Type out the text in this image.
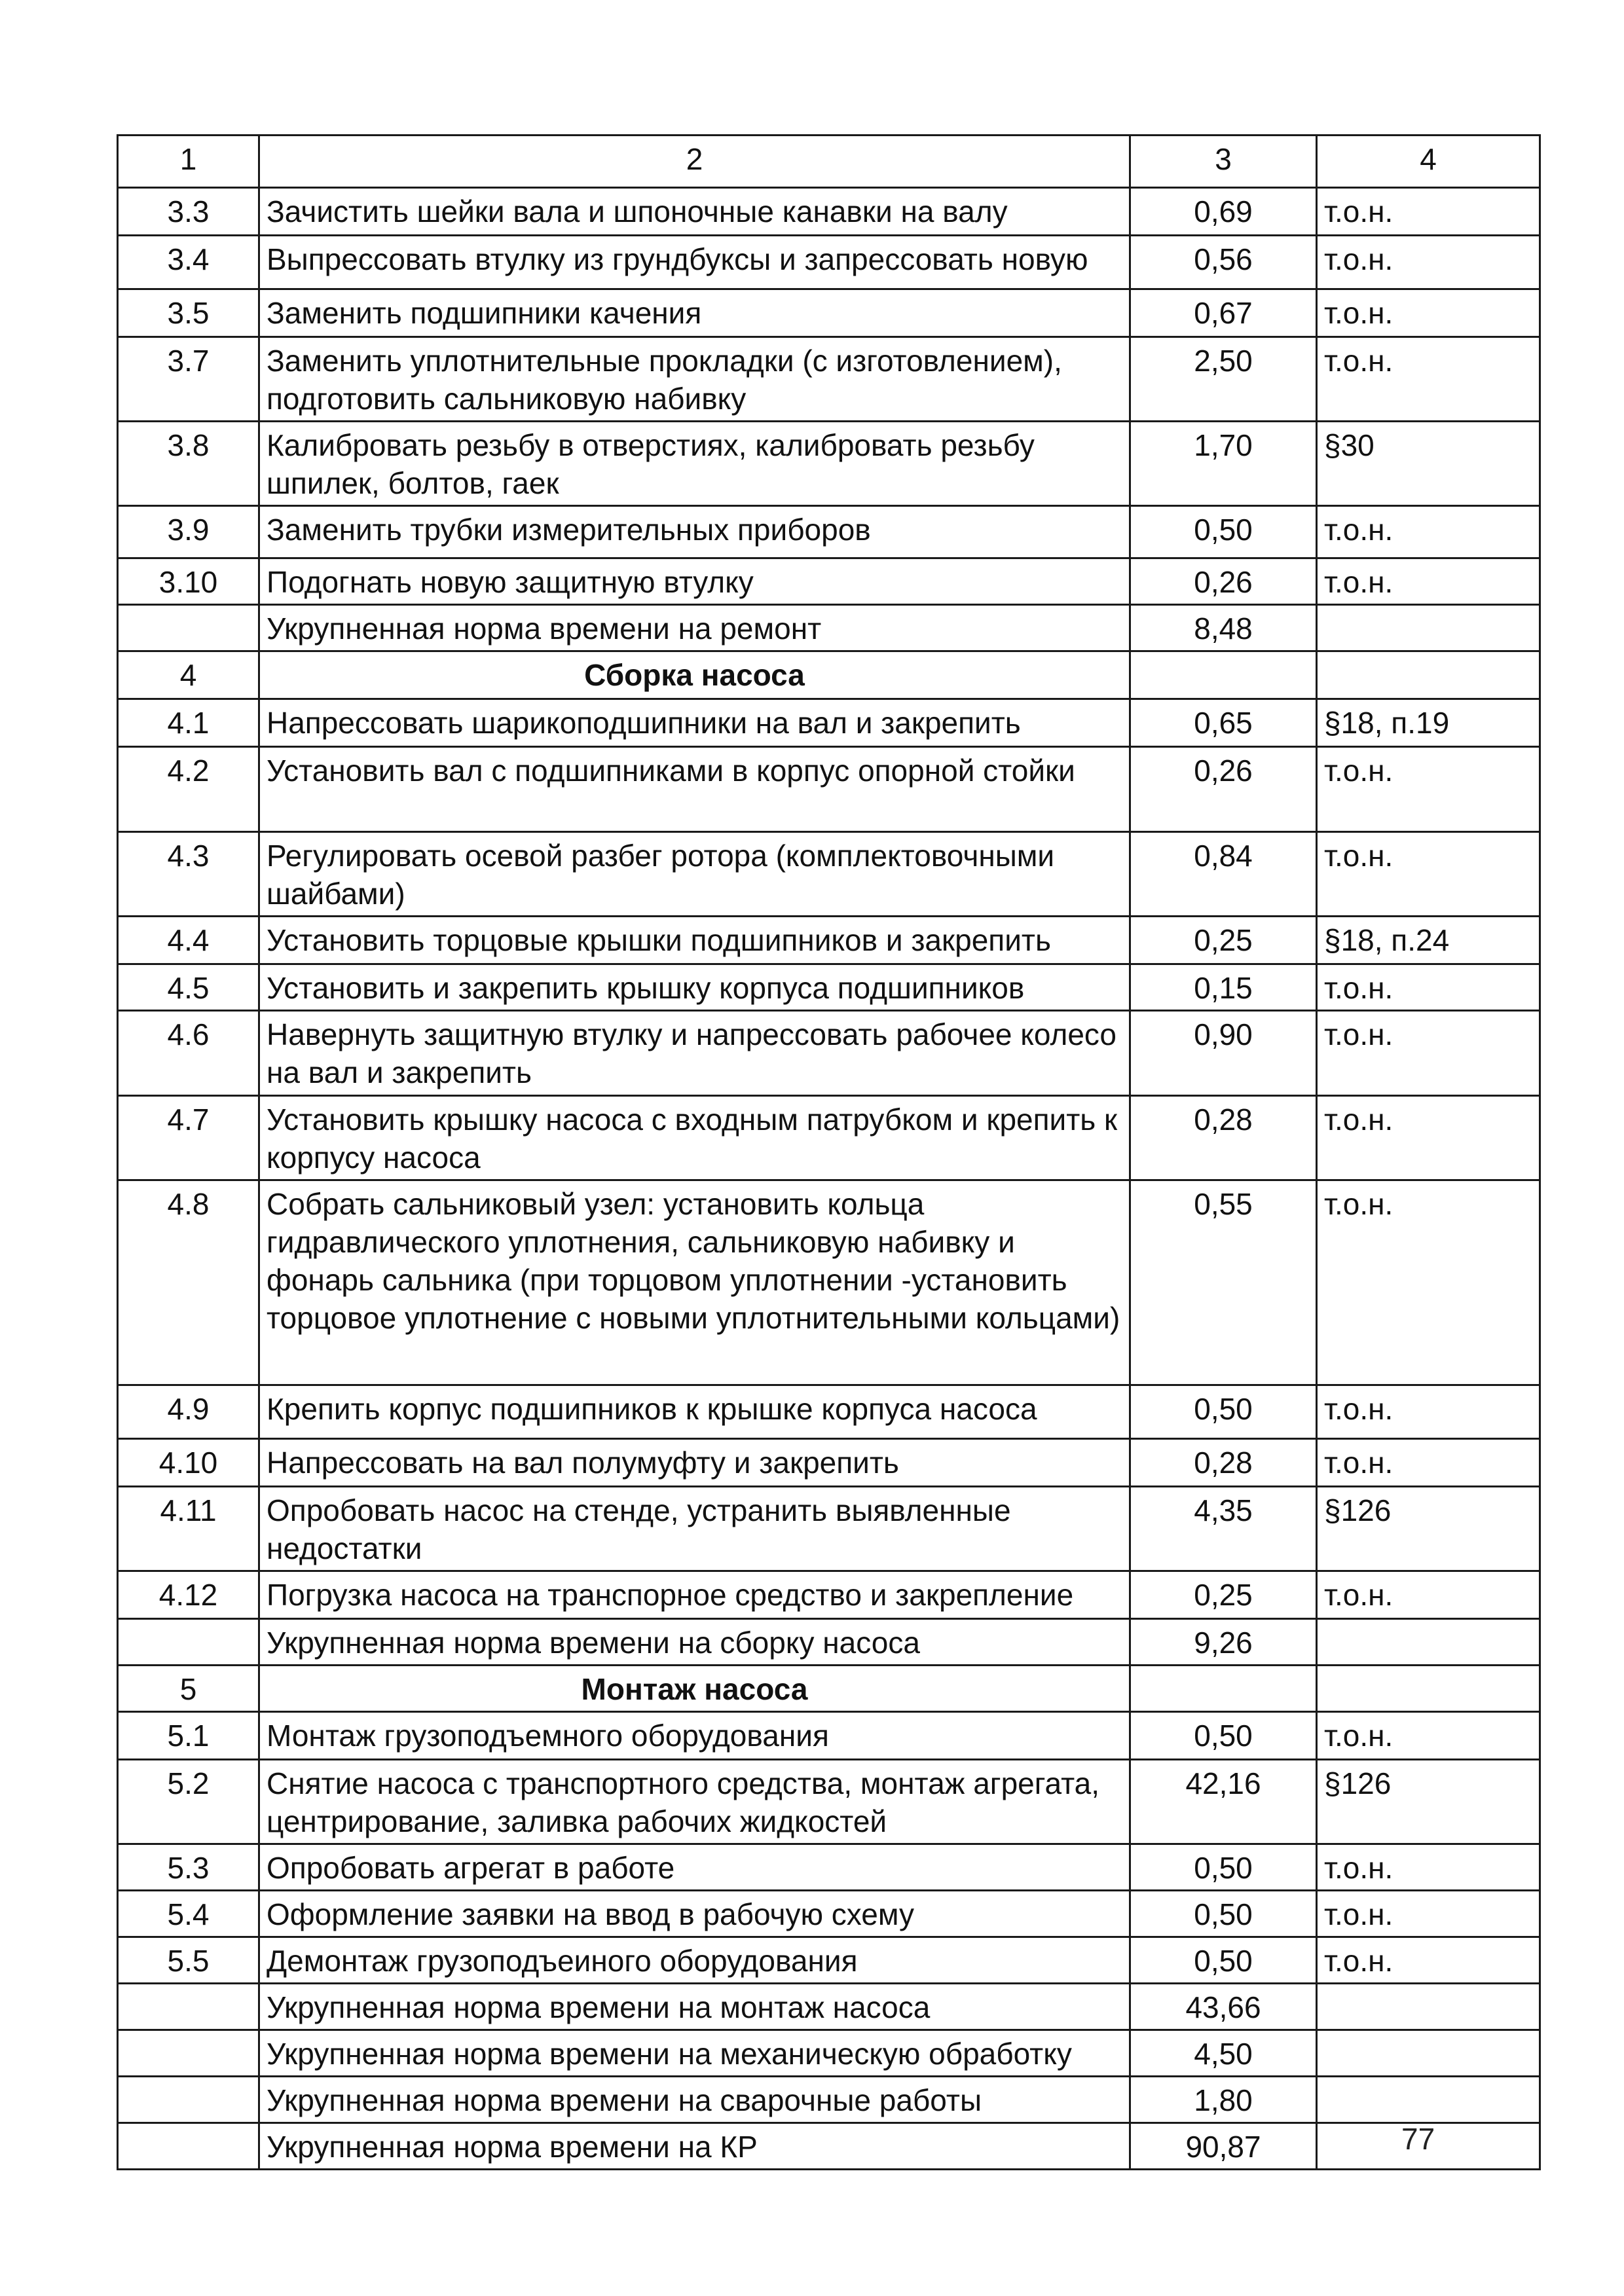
1	2	3	4
3.3	Зачистить шейки вала и шпоночные канавки на валу	0,69	т.о.н.
3.4	Выпрессовать втулку из грундбуксы и запрессовать новую	0,56	т.о.н.
3.5	Заменить подшипники качения	0,67	т.о.н.
3.7	Заменить уплотнительные прокладки (с изготовлением), подготовить сальниковую набивку	2,50	т.о.н.
3.8	Калибровать резьбу в отверстиях, калибровать резьбу шпилек, болтов, гаек	1,70	§30
3.9	Заменить трубки измерительных приборов	0,50	т.о.н.
3.10	Подогнать новую защитную втулку	0,26	т.о.н.
	Укрупненная норма времени на ремонт	8,48	
4	Сборка насоса		
4.1	Напрессовать шарикоподшипники на вал и закрепить	0,65	§18, п.19
4.2	Установить вал с подшипниками в корпус опорной стойки	0,26	т.о.н.
4.3	Регулировать осевой разбег ротора (комплектовочными шайбами)	0,84	т.о.н.
4.4	Установить торцовые крышки подшипников и закрепить	0,25	§18, п.24
4.5	Установить и закрепить крышку корпуса подшипников	0,15	т.о.н.
4.6	Навернуть защитную втулку и напрессовать рабочее колесо на вал и закрепить	0,90	т.о.н.
4.7	Установить крышку насоса с входным патрубком и крепить к корпусу насоса	0,28	т.о.н.
4.8	Собрать сальниковый узел: установить кольца гидравлического уплотнения, сальниковую набивку и фонарь сальника (при торцовом уплотнении -установить торцовое уплотнение с новыми уплотнительными кольцами)	0,55	т.о.н.
4.9	Крепить корпус подшипников к крышке корпуса насоса	0,50	т.о.н.
4.10	Напрессовать на вал полумуфту и закрепить	0,28	т.о.н.
4.11	Опробовать насос на стенде, устранить выявленные недостатки	4,35	§126
4.12	Погрузка насоса на транспорное средство и закрепление	0,25	т.о.н.
	Укрупненная норма времени на сборку насоса	9,26	
5	Монтаж насоса		
5.1	Монтаж грузоподъемного оборудования	0,50	т.о.н.
5.2	Снятие насоса с транспортного средства, монтаж агрегата, центрирование, заливка рабочих жидкостей	42,16	§126
5.3	Опробовать агрегат в работе	0,50	т.о.н.
5.4	Оформление заявки на ввод в рабочую схему	0,50	т.о.н.
5.5	Демонтаж грузоподъеиного оборудования	0,50	т.о.н.
	Укрупненная норма времени на монтаж насоса	43,66	
	Укрупненная норма времени на механическую обработку	4,50	
	Укрупненная норма времени на сварочные работы	1,80	
	Укрупненная норма времени на КР	90,87		77
